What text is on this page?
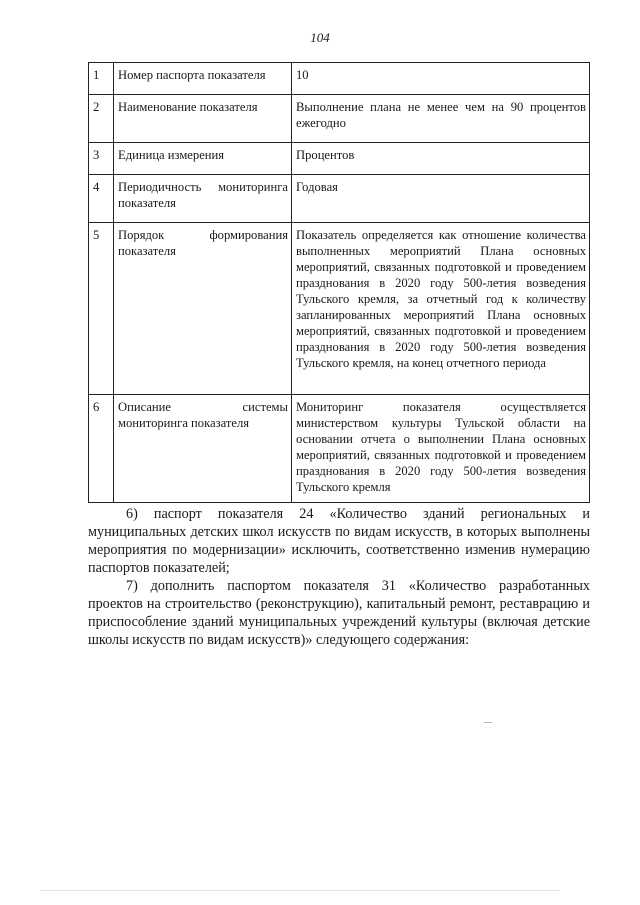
104
1	Номер паспорта показателя	10
2	Наименование показателя	Выполнение плана не менее чем на 90 процентов ежегодно
3	Единица измерения	Процентов
4	Периодичность мониторинга показателя	Годовая
5	Порядок формирования показателя	Показатель определяется как отношение количества выполненных мероприятий Плана основных мероприятий, связанных подготовкой и проведением празднования в 2020 году 500-летия возведения Тульского кремля, за отчетный год к количеству запланированных мероприятий Плана основных мероприятий, связанных подготовкой и проведением празднования в 2020 году 500-летия возведения Тульского кремля, на конец отчетного периода
6	Описание системы мониторинга показателя	Мониторинг показателя осуществляется министерством культуры Тульской области на основании отчета о выполнении Плана основных мероприятий, связанных подготовкой и проведением празднования в 2020 году 500-летия возведения Тульского кремля

6) паспорт показателя 24 «Количество зданий региональных и муниципальных детских школ искусств по видам искусств, в которых выполнены мероприятия по модернизации» исключить, соответственно изменив нумерацию паспортов показателей;

7) дополнить паспортом показателя 31 «Количество разработанных проектов на строительство (реконструкцию), капитальный ремонт, реставрацию и приспособление зданий муниципальных учреждений культуры (включая детские школы искусств по видам искусств)» следующего содержания:
